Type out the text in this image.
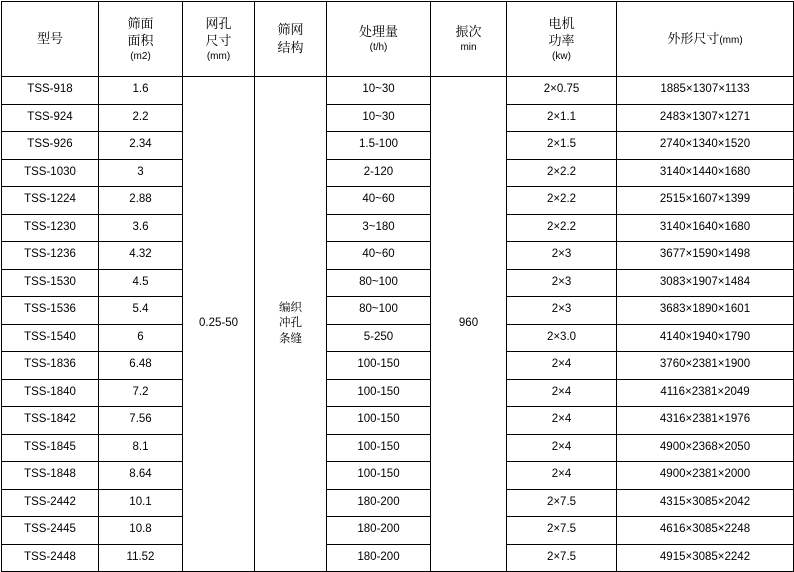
型号	筛面
面积
(m2)	网孔
尺寸
(mm)	筛网
结构	处理量
(t/h)	振次
min	电机
功率
(kw)	外形尺寸(mm)

TSS-918	1.6	0.25-50	编织
冲孔
条缝	10~30	960	2×0.75	1885×1307×1133
TSS-924	2.2			10~30		2×1.1	2483×1307×1271
TSS-926	2.34			1.5-100		2×1.5	2740×1340×1520
TSS-1030	3			2-120		2×2.2	3140×1440×1680
TSS-1224	2.88			40~60		2×2.2	2515×1607×1399
TSS-1230	3.6			3~180		2×2.2	3140×1640×1680
TSS-1236	4.32			40~60		2×3	3677×1590×1498
TSS-1530	4.5			80~100		2×3	3083×1907×1484
TSS-1536	5.4			80~100		2×3	3683×1890×1601
TSS-1540	6			5-250		2×3.0	4140×1940×1790
TSS-1836	6.48			100-150		2×4	3760×2381×1900
TSS-1840	7.2			100-150		2×4	4116×2381×2049
TSS-1842	7.56			100-150		2×4	4316×2381×1976
TSS-1845	8.1			100-150		2×4	4900×2368×2050
TSS-1848	8.64			100-150		2×4	4900×2381×2000
TSS-2442	10.1			180-200		2×7.5	4315×3085×2042
TSS-2445	10.8			180-200		2×7.5	4616×3085×2248
TSS-2448	11.52			180-200		2×7.5	4915×3085×2242
